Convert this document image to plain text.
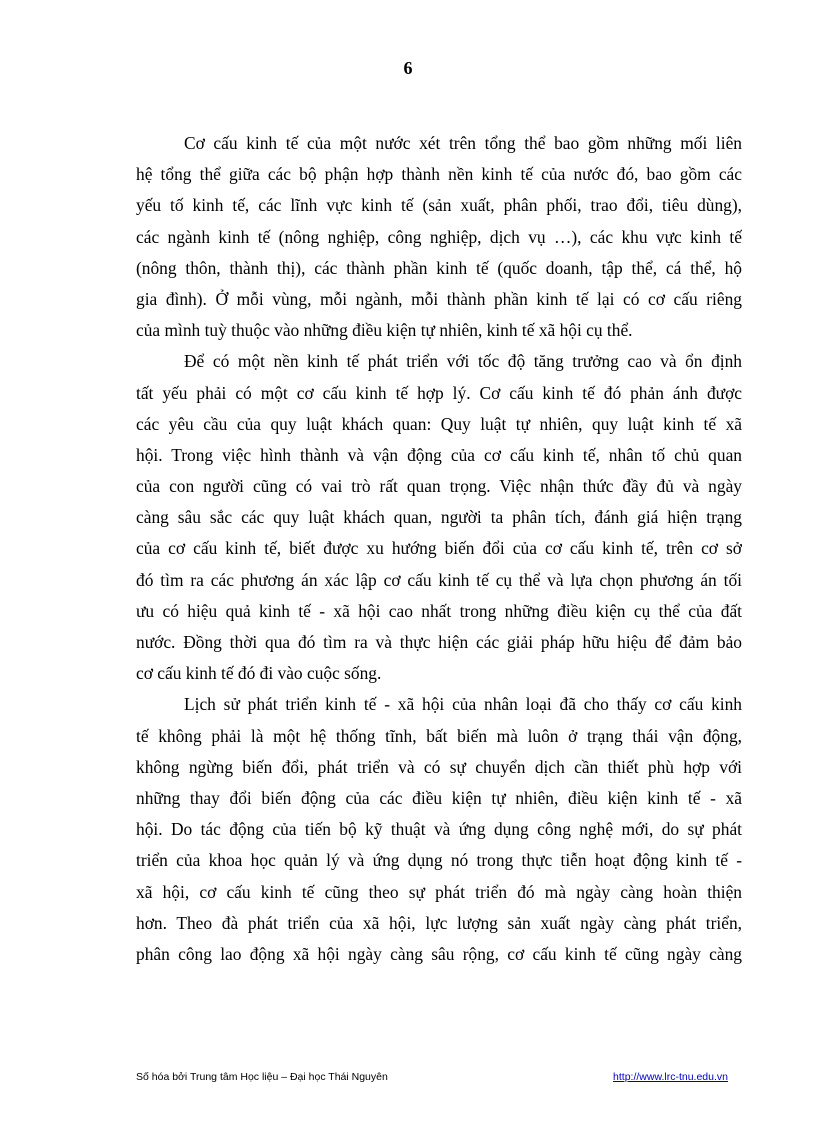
6
Cơ cấu kinh tế của một nước xét trên tổng thể bao gồm những mối liên
hệ tổng thể giữa các bộ phận hợp thành nền kinh tế của nước đó, bao gồm các
yếu tố kinh tế, các lĩnh vực kinh tế (sản xuất, phân phối, trao đổi, tiêu dùng),
các ngành kinh tế (nông nghiệp, công nghiệp, dịch vụ …), các khu vực kinh tế
(nông thôn, thành thị), các thành phần kinh tế (quốc doanh, tập thể, cá thể, hộ
gia đình). Ở mỗi vùng, mỗi ngành, mỗi thành phần kinh tế lại có cơ cấu riêng
của mình tuỳ thuộc vào những điều kiện tự nhiên, kinh tế xã hội cụ thể.
Để có một nền kinh tế phát triển với tốc độ tăng trưởng cao và ổn định
tất yếu phải có một cơ cấu kinh tế hợp lý. Cơ cấu kinh tế đó phản ánh được
các yêu cầu của quy luật khách quan: Quy luật tự nhiên, quy luật kinh tế xã
hội. Trong việc hình thành và vận động của cơ cấu kinh tế, nhân tố chủ quan
của con người cũng có vai trò rất quan trọng. Việc nhận thức đầy đủ và ngày
càng sâu sắc các quy luật khách quan, người ta phân tích, đánh giá hiện trạng
của cơ cấu kinh tế, biết được xu hướng biến đổi của cơ cấu kinh tế, trên cơ sở
đó tìm ra các phương án xác lập cơ cấu kinh tế cụ thể và lựa chọn phương án tối
ưu có hiệu quả kinh tế - xã hội cao nhất trong những điều kiện cụ thể của đất
nước. Đồng thời qua đó tìm ra và thực hiện các giải pháp hữu hiệu để đảm bảo
cơ cấu kinh tế đó đi vào cuộc sống.
Lịch sử phát triển kinh tế - xã hội của nhân loại đã cho thấy cơ cấu kinh
tế không phải là một hệ thống tĩnh, bất biến mà luôn ở trạng thái vận động,
không ngừng biến đổi, phát triển và có sự chuyển dịch cần thiết phù hợp với
những thay đổi biến động của các điều kiện tự nhiên, điều kiện kinh tế - xã
hội. Do tác động của tiến bộ kỹ thuật và ứng dụng công nghệ mới, do sự phát
triển của khoa học quản lý và ứng dụng nó trong thực tiễn hoạt động kinh tế -
xã hội, cơ cấu kinh tế cũng theo sự phát triển đó mà ngày càng hoàn thiện
hơn. Theo đà phát triển của xã hội, lực lượng sản xuất ngày càng phát triển,
phân công lao động xã hội ngày càng sâu rộng, cơ cấu kinh tế cũng ngày càng
Số hóa bởi Trung tâm Học liệu – Đại học Thái Nguyên	http://www.lrc-tnu.edu.vn
